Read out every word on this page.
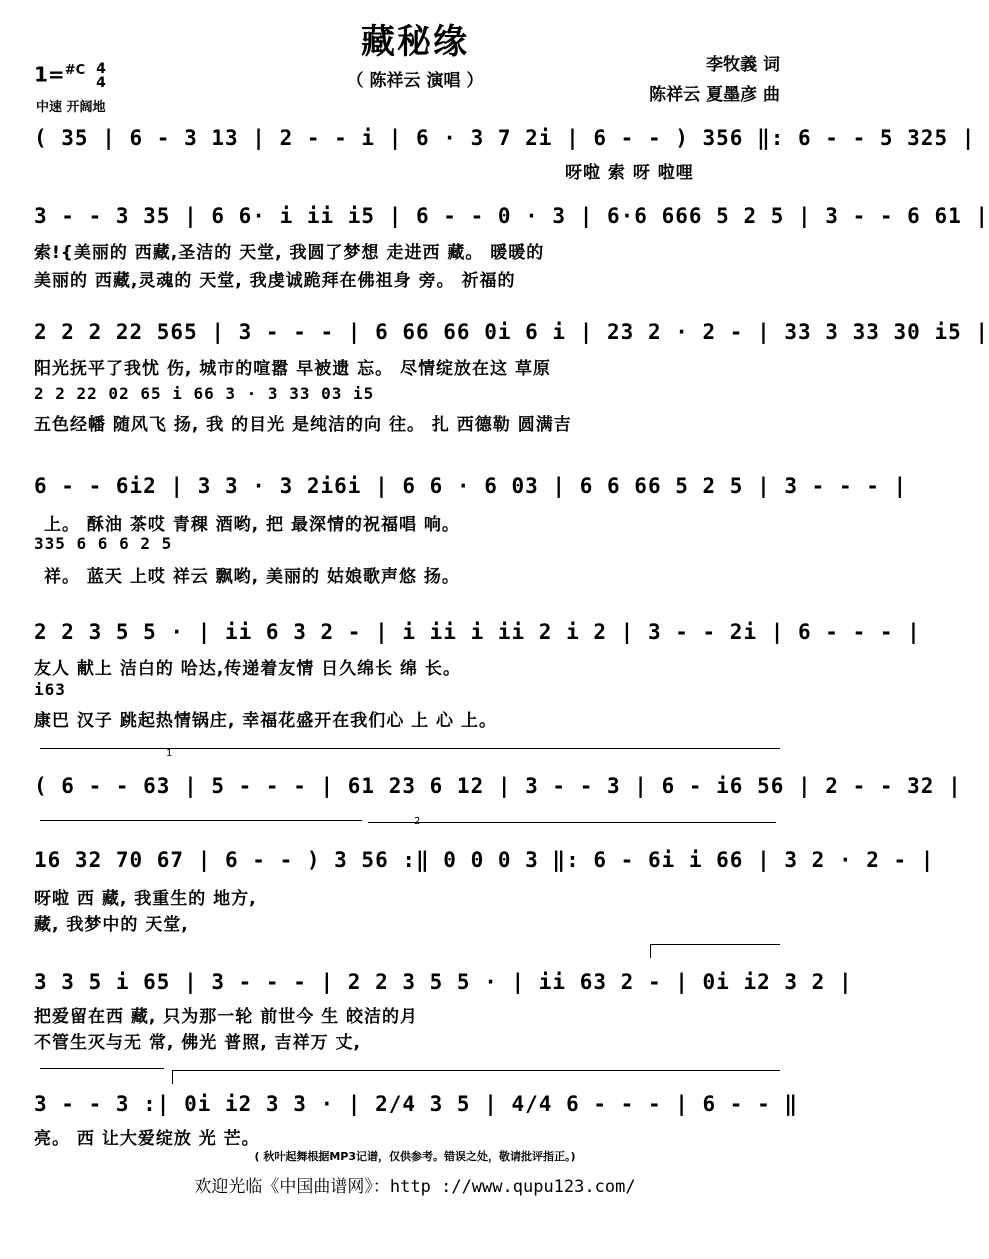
藏秘缘
1=$^{\#C}$ 4
4
中速 开阔地
（ 陈祥云 演唱 ）
李牧義 词
陈祥云 夏墨彦 曲
( 35 | 6 - 3 13 | 2 - - i | 6 · 3 7 2i | 6 - - ) 356 ‖: 6 - - 5 325 |
呀啦 索 呀 啦哩
3 - - 3 35 | 6 6· i ii i5 | 6 - - 0 · 3 | 6·6 666 5 2 5 | 3 - - 6 61 |
索!{美丽的 西藏,圣洁的 天堂, 我圆了梦想 走进西 藏。 暖暖的
美丽的 西藏,灵魂的 天堂, 我虔诚跪拜在佛祖身 旁。 祈福的
2 2 2 22 565 | 3 - - - | 6 66 66 0i 6 i | 23 2 · 2 - | 33 3 33 30 i5 |
阳光抚平了我忧 伤, 城市的喧嚣 早被遗 忘。 尽情绽放在这 草原
2 2 22 02 65 i 66 3 · 3 33 03 i5
五色经幡 随风飞 扬, 我 的目光 是纯洁的向 往。 扎 西德勒 圆满吉
6 - - 6i2 | 3 3 · 3 2i6i | 6 6 · 6 03 | 6 6 66 5 2 5 | 3 - - - |
上。 酥油 茶哎 青稞 酒哟, 把 最深情的祝福唱 响。
335 6 6 6 2 5
祥。 蓝天 上哎 祥云 飘哟, 美丽的 姑娘歌声悠 扬。
2 2 3 5 5 · | ii 6 3 2 - | i ii i ii 2 i 2 | 3 - - 2i | 6 - - - |
友人 献上 洁白的 哈达,传递着友情 日久绵长 绵 长。
i63
康巴 汉子 跳起热情锅庄, 幸福花盛开在我们心 上 心 上。
1
( 6 - - 63 | 5 - - - | 61 23 6 12 | 3 - - 3 | 6 - i6 56 | 2 - - 32 |
2
16 32 70 67 | 6 - - ) 3 56 :‖ 0 0 0 3 ‖: 6 - 6i i 66 | 3 2 · 2 - |
呀啦 西 藏, 我重生的 地方,
藏, 我梦中的 天堂,
3 3 5 i 65 | 3 - - - | 2 2 3 5 5 · | ii 63 2 - | 0i i2 3 2 |
把爱留在西 藏, 只为那一轮 前世今 生 皎洁的月
不管生灭与无 常, 佛光 普照, 吉祥万 丈,
3 - - 3 :| 0i i2 3 3 · | 2/4 3 5 | 4/4 6 - - - | 6 - - ‖
亮。 西 让大爱绽放 光 芒。
( 秋叶起舞根据MP3记谱，仅供参考。错误之处，敬请批评指正。)
欢迎光临《中国曲谱网》：http ://www.qupu123.com/
